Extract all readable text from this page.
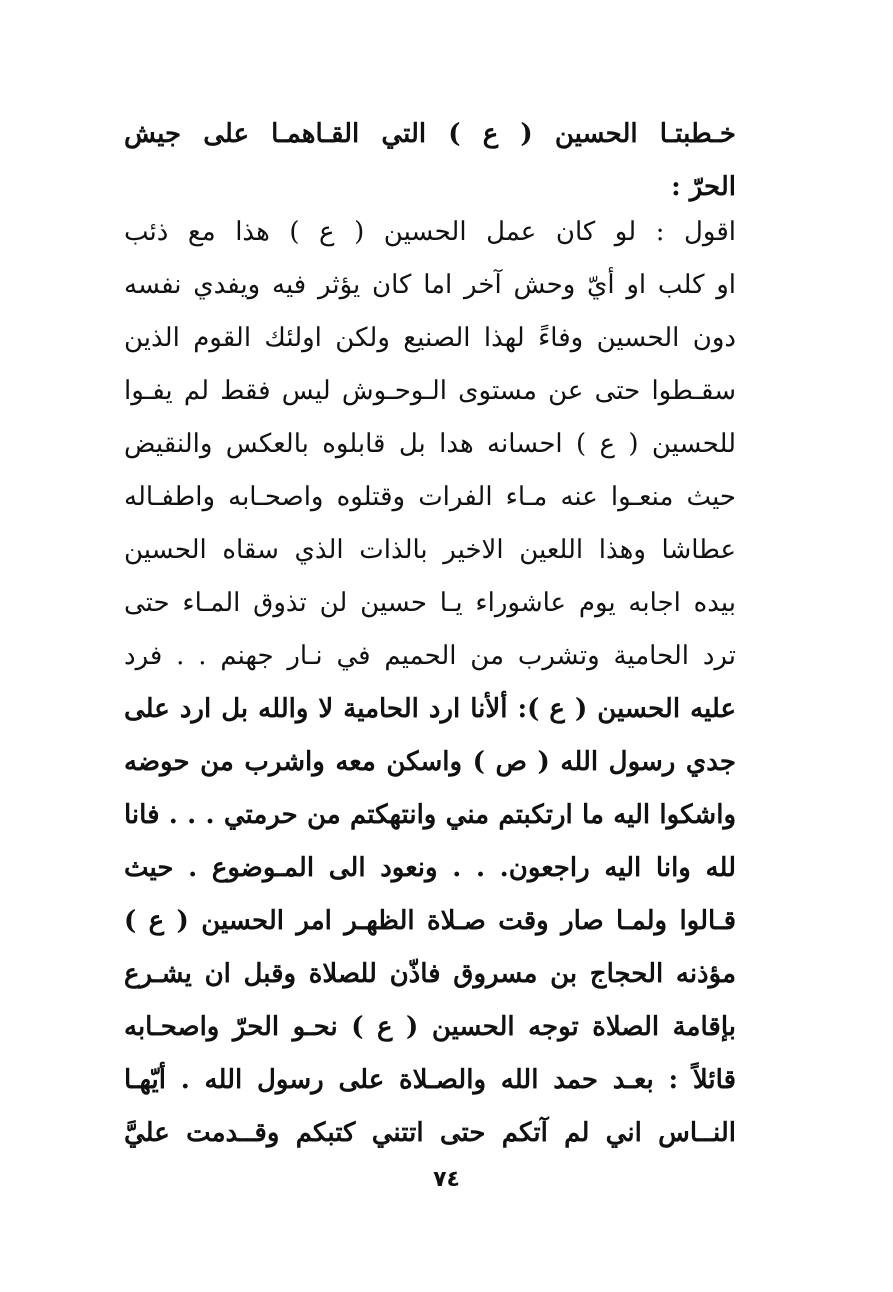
خـطبتـا الحسين ( ع ) التي القـاهمـا على جيش
الحرّ :
اقول : لو كان عمل الحسين ( ع ) هذا مع ذئب
او كلب او أيّ وحش آخر اما كان يؤثر فيه ويفدي نفسه
دون الحسين وفاءً لهذا الصنيع ولكن اولئك القوم الذين
سقـطوا حتى عن مستوى الـوحـوش ليس فقط لم يفـوا
للحسين ( ع ) احسانه هدا بل قابلوه بالعكس والنقيض
حيث منعـوا عنه مـاء الفرات وقتلوه واصحـابه واطفـاله
عطاشا وهذا اللعين الاخير بالذات الذي سقاه الحسين
بيده اجابه يوم عاشوراء يـا حسين لن تذوق المـاء حتى
ترد الحامية وتشرب من الحميم في نـار جهنم . . فرد
عليه الحسين ( ع ): ألأنا ارد الحامية لا والله بل ارد على
جدي رسول الله ( ص ) واسكن معه واشرب من حوضه
واشكوا اليه ما ارتكبتم مني وانتهكتم من حرمتي . . . فانا
لله وانا اليه راجعون. . . ونعود الى المـوضوع . حيث
قـالوا ولمـا صار وقت صـلاة الظهـر امر الحسين ( ع )
مؤذنه الحجاج بن مسروق فاذّن للصلاة وقبل ان يشـرع
بإقامة الصلاة توجه الحسين ( ع ) نحـو الحرّ واصحـابه
قائلاً : بعـد حمد الله والصـلاة على رسول الله . أيّهـا
النــاس اني لم آتكم حتى اتتني كتبكم وقــدمت عليَّ
٧٤
